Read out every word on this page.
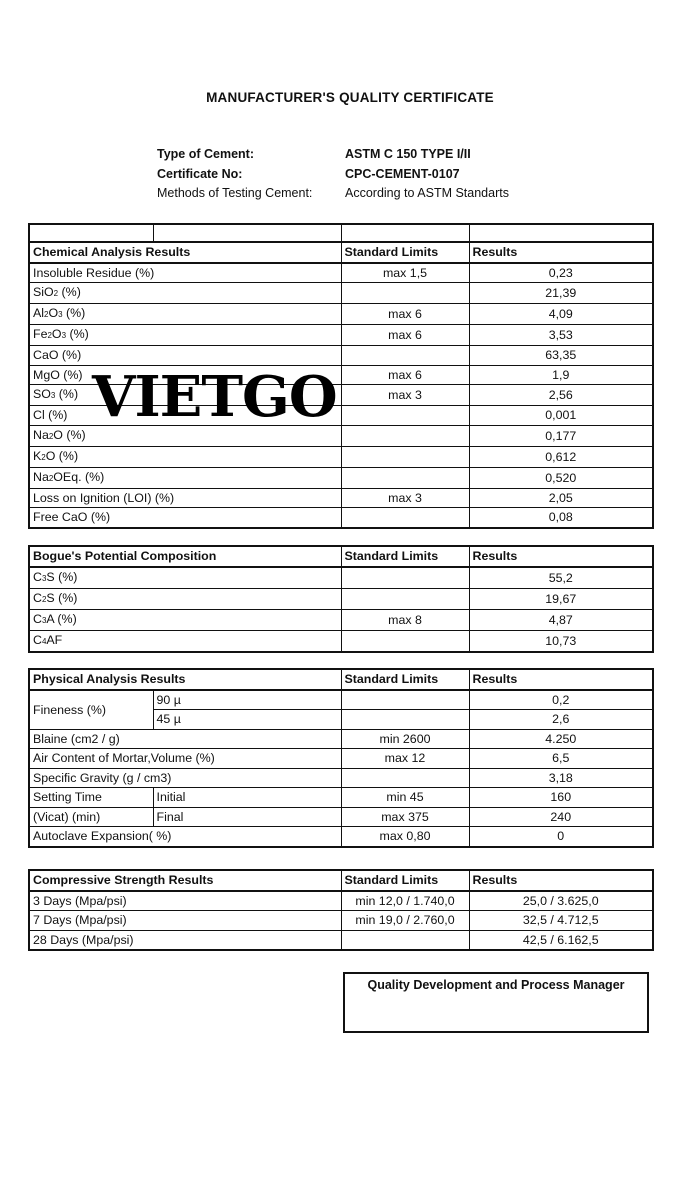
MANUFACTURER'S QUALITY CERTIFICATE
Type of Cement:	ASTM C 150 TYPE I/II
Certificate No:	CPC-CEMENT-0107
Methods of Testing Cement:	According to ASTM Standarts

Chemical Analysis Results		Standard Limits	Results
Insoluble Residue (%)		max 1,5	0,23
SiO2 (%)			21,39
Al2O3 (%)		max 6	4,09
Fe2O3 (%)		max 6	3,53
CaO (%)			63,35
MgO (%)		max 6	1,9
SO3 (%)		max 3	2,56
Cl (%)			0,001
Na2O (%)			0,177
K2O (%)			0,612
Na2OEq. (%)			0,520
Loss on Ignition (LOI) (%)		max 3	2,05
Free CaO (%)			0,08
VIETGO
Bogue's Potential Composition	Standard Limits	Results
C3S (%)		55,2
C2S (%)		19,67
C3A (%)	max 8	4,87
C4AF		10,73
Physical Analysis Results		Standard Limits	Results
Fineness (%)	90 µ		0,2
	45 µ		2,6
Blaine (cm2 / g)		min 2600	4.250
Air Content of Mortar,Volume (%)		max 12	6,5
Specific Gravity (g / cm3)			3,18
Setting Time	Initial	min 45	160
(Vicat) (min)	Final	max 375	240
Autoclave Expansion( %)		max 0,80	0
Compressive Strength Results	Standard Limits	Results
3 Days (Mpa/psi)	min 12,0 / 1.740,0	25,0 / 3.625,0
7 Days (Mpa/psi)	min 19,0 / 2.760,0	32,5 / 4.712,5
28 Days (Mpa/psi)		42,5 / 6.162,5
Quality Development and Process Manager
